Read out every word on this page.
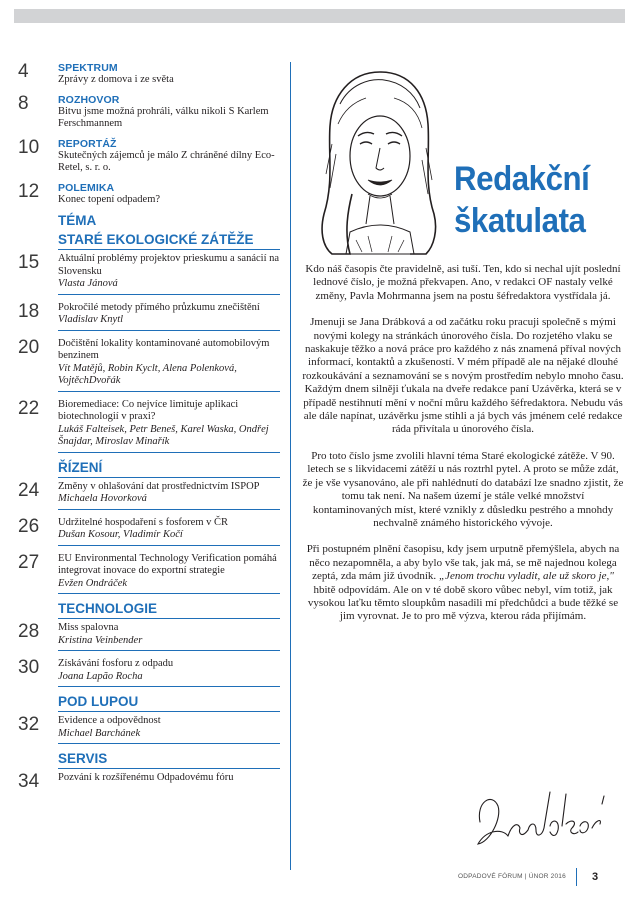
4	SPEKTRUM
Zprávy z domova i ze světa
8	ROZHOVOR
Bitvu jsme možná prohráli, válku nikoli S Karlem Ferschmannem
10	REPORTÁŽ
Skutečných zájemců je málo Z chráněné dílny Eco-Retel, s. r. o.
12	POLEMIKA
Konec topení odpadem?
TÉMA
STARÉ EKOLOGICKÉ ZÁTĚŽE
15	Aktuální problémy projektov prieskumu a sanácií na Slovensku
Vlasta Jánová
18	Pokročilé metody přímého průzkumu znečištění
Vladislav Knytl
20	Dočištění lokality kontaminované automobilovým benzinem
Vít Matějů, Robin Kyclt, Alena Polenková, VojtěchDvořák
22	Bioremediace: Co nejvíce limituje aplikaci biotechnologií v praxi?
Lukáš Falteisek, Petr Beneš, Karel Waska, Ondřej Šnajdar, Miroslav Minařík
ŘÍZENÍ
24	Změny v ohlašování dat prostřednictvím ISPOP
Michaela Hovorková
26	Udržitelné hospodaření s fosforem v ČR
Dušan Kosour, Vladimír Kočí
27	EU Environmental Technology Verification pomáhá integrovat inovace do exportní strategie
Evžen Ondráček
TECHNOLOGIE
28	Miss spalovna
Kristina Veinbender
30	Získávání fosforu z odpadu
Joana Lapão Rocha
POD LUPOU
32	Evidence a odpovědnost
Michael Barchánek
SERVIS
34	Pozvání k rozšířenému Odpadovému fóru
Redakční
škatulata

Kdo náš časopis čte pravidelně, asi tuší. Ten, kdo si nechal ujít poslední lednové číslo, je možná překvapen. Ano, v redakci OF nastaly velké změny, Pavla Mohrmanna jsem na postu šéfredaktora vystřídala já.

Jmenuji se Jana Drábková a od začátku roku pracuji společně s mými novými kolegy na stránkách únorového čísla. Do rozjetého vlaku se naskakuje těžko a nová práce pro každého z nás znamená příval nových informací, kontaktů a zkušeností. V mém případě ale na nějaké dlouhé rozkoukávání a seznamování se s novým prostředím nebylo mnoho času. Každým dnem silněji ťukala na dveře redakce paní Uzávěrka, která se v případě nestihnutí mění v noční můru každého šéfredaktora. Nebudu vás ale dále napínat, uzávěrku jsme stihli a já bych vás jménem celé redakce ráda přivítala u únorového čísla.

Pro toto číslo jsme zvolili hlavní téma Staré ekologické zátěže. V 90. letech se s likvidacemi zátěží u nás roztrhl pytel. A proto se může zdát, že je vše vysanováno, ale při nahlédnutí do databází lze snadno zjistit, že tomu tak není. Na našem území je stále velké množství kontaminovaných míst, které vznikly z důsledku pestrého a mnohdy nechvalně známého historického vývoje.

Při postupném plnění časopisu, kdy jsem urputně přemýšlela, abych na něco nezapomněla, a aby bylo vše tak, jak má, se mě najednou kolega zeptá, zda mám již úvodník. „Jenom trochu vyladit, ale už skoro je," hbitě odpovídám. Ale on v té době skoro vůbec nebyl, vím totiž, jak vysokou laťku těmto sloupkům nasadili mí předchůdci a bude těžké se jim vyrovnat. Je to pro mě výzva, kterou ráda přijímám.

ODPADOVÉ FÓRUM | ÚNOR 2016 3
